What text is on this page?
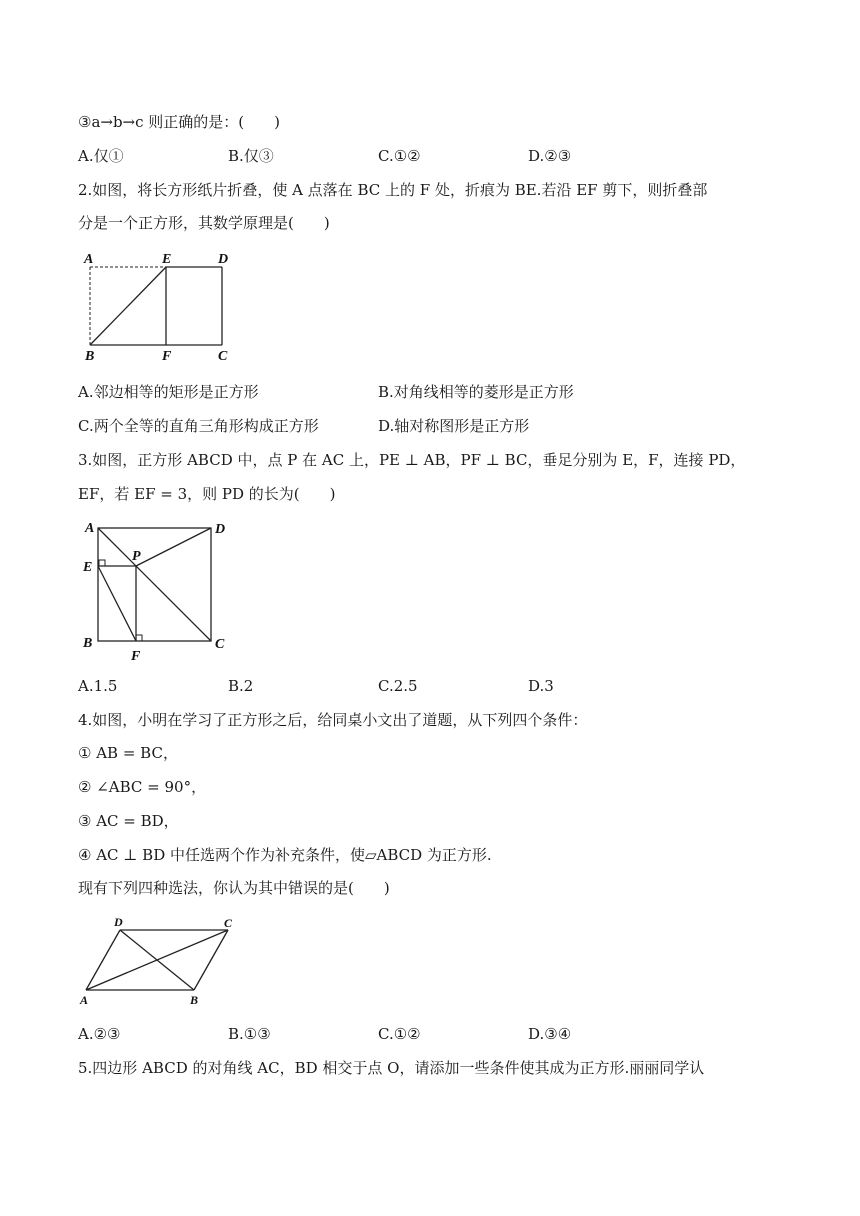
③a→b→c 则正确的是：(　　)
A.仅①	B.仅③	C.①②	D.②③
2.如图，将长方形纸片折叠，使 A 点落在 BC 上的 F 处，折痕为 BE.若沿 EF 剪下，则折叠部
分是一个正方形，其数学原理是(　　)
A	E	D
B	F	C
A.邻边相等的矩形是正方形	B.对角线相等的菱形是正方形
C.两个全等的直角三角形构成正方形	D.轴对称图形是正方形
3.如图，正方形 ABCD 中，点 P 在 AC 上，PE ⊥ AB，PF ⊥ BC，垂足分别为 E，F，连接 PD，
EF，若 EF = 3，则 PD 的长为(　　)
A	D
P
E
B
F
C
A.1.5	B.2	C.2.5	D.3
4.如图，小明在学习了正方形之后，给同桌小文出了道题，从下列四个条件：
① AB = BC，
② ∠ABC = 90°，
③ AC = BD，
④ AC ⊥ BD 中任选两个作为补充条件，使▱ABCD 为正方形.
现有下列四种选法，你认为其中错误的是(　　)
D	C
A	B
A.②③	B.①③	C.①②	D.③④
5.四边形 ABCD 的对角线 AC，BD 相交于点 O，请添加一些条件使其成为正方形.丽丽同学认
